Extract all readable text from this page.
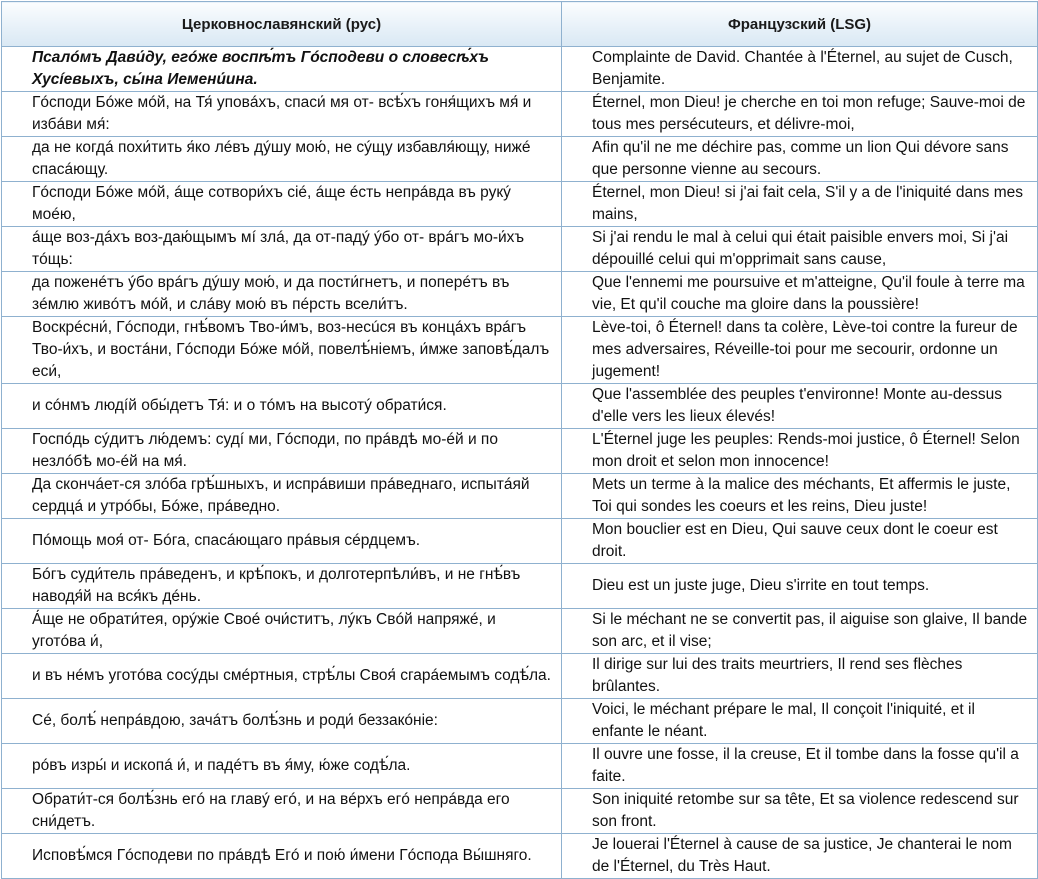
Церковнославянский (рус)	Французский (LSG)
Псалóмъ Дави́ду, егóже воспѣ́тъ Гóсподеви о словесѣ́хъ Хусíевыхъ, сы́на Иемени́ина.	Complainte de David. Chantée à l'Éternel, au sujet de Cusch, Benjamite.
Гóсподи Бóже мóй, на Тя́ уповáхъ, спаси́ мя от- всѣ́хъ гоня́щихъ мя́ и избáви мя́:	Éternel, mon Dieu! je cherche en toi mon refuge; Sauve-moi de tous mes persécuteurs, et délivre-moi,
да не когдá похи́тить я́ко лéвъ дýшу мою́, не сýщу избавля́ющу, нижé спасáющу.	Afin qu'il ne me déchire pas, comme un lion Qui dévore sans que personne vienne au secours.
Гóсподи Бóже мóй, áще сотвори́хъ сié, áще éсть непрáвда въ рукý моéю,	Éternel, mon Dieu! si j'ai fait cela, S'il y a de l'iniquité dans mes mains,
áще воз-дáхъ воз-даю́щымъ мí злá, да от-падý ýбо от- врáгъ мо-и́хъ тóщь:	Si j'ai rendu le mal à celui qui était paisible envers moi, Si j'ai dépouillé celui qui m'opprimait sans cause,
да поженéтъ ýбо врáгъ дýшу мою́, и да пости́гнетъ, и поперéтъ въ зéмлю живóтъ мóй, и слáву мою́ въ пéрсть всели́тъ.	Que l'ennemi me poursuive et m'atteigne, Qu'il foule à terre ma vie, Et qu'il couche ma gloire dans la poussière!
Воскрéсни́, Гóсподи, гнѣ́вомъ Тво-и́мъ, воз-несúся въ концáхъ врáгъ Тво-и́хъ, и востáни, Гóсподи Бóже мóй, повелѣ́ніемъ, и́мже заповѣ́далъ еси́,	Lève-toi, ô Éternel! dans ta colère, Lève-toi contre la fureur de mes adversaires, Réveille-toi pour me secourir, ordonne un jugement!
и сóнмъ людíй обы́детъ Тя́: и о тóмъ на высотý обрати́ся.	Que l'assemblée des peuples t'environne! Monte au-dessus d'elle vers les lieux élevés!
Госпóдь сýдитъ лю́демъ: судí ми, Гóсподи, по прáвдѣ мо-éй и по незлóбѣ мо-éй на мя́.	L'Éternel juge les peuples: Rends-moi justice, ô Éternel! Selon mon droit et selon mon innocence!
Да скончáет-ся злóба грѣ́шныхъ, и испрáвиши прáведнаго, испытáяй сердцá и утрóбы, Бóже, прáведно.	Mets un terme à la malice des méchants, Et affermis le juste, Toi qui sondes les coeurs et les reins, Dieu juste!
Пóмощь моя́ от- Бóга, спасáющаго прáвыя сéрдцемъ.	Mon bouclier est en Dieu, Qui sauve ceux dont le coeur est droit.
Бóгъ суди́тель прáведенъ, и крѣ́покъ, и долготерпѣли́въ, и не гнѣ́въ наводя́й на вся́къ дéнь.	Dieu est un juste juge, Dieu s'irrite en tout temps.
А́ще не обрати́тея, орýжіе Своé очи́ститъ, лýкъ Свóй напряжé, и уготóва и́,	Si le méchant ne se convertit pas, il aiguise son glaive, Il bande son arc, et il vise;
и въ нéмъ уготóва сосýды смéртныя, стрѣ́лы Своя́ сгарáемымъ содѣ́ла.	Il dirige sur lui des traits meurtriers, Il rend ses flèches brûlantes.
Сé, болѣ́ непрáвдою, зачáтъ болѣ́знь и роди́ беззакóніе:	Voici, le méchant prépare le mal, Il conçoit l'iniquité, et il enfante le néant.
рóвъ изры́ и ископá и́, и падéтъ въ я́му, ю́же содѣ́ла.	Il ouvre une fosse, il la creuse, Et il tombe dans la fosse qu'il a faite.
Обрати́т-ся болѣ́знь егó на главý егó, и на вéрхъ егó непрáвда его сни́детъ.	Son iniquité retombe sur sa tête, Et sa violence redescend sur son front.
Исповѣ́мся Гóсподеви по прáвдѣ Егó и пою́ и́мени Гóспода Вы́шняго.	Je louerai l'Éternel à cause de sa justice, Je chanterai le nom de l'Éternel, du Très Haut.
